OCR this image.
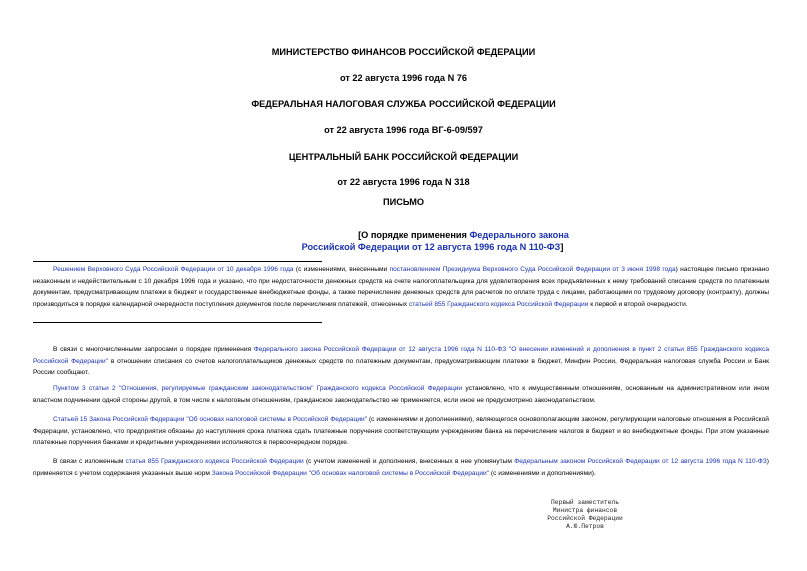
МИНИСТЕРСТВО ФИНАНСОВ РОССИЙСКОЙ ФЕДЕРАЦИИ
от 22 августа 1996 года N 76
ФЕДЕРАЛЬНАЯ НАЛОГОВАЯ СЛУЖБА РОССИЙСКОЙ ФЕДЕРАЦИИ
от 22 августа 1996 года ВГ-6-09/597
ЦЕНТРАЛЬНЫЙ БАНК РОССИЙСКОЙ ФЕДЕРАЦИИ
от 22 августа 1996 года N 318
ПИСЬМО
[О порядке применения Федерального закона
Российской Федерации от 12 августа 1996 года N 110-ФЗ]
Решением Верховного Суда Российской Федерации от 10 декабря 1996 года (с изменениями, внесенными постановлением Президиума Верховного Суда Российской Федерации от 3 июня 1998 года) настоящее письмо признано незаконным и недействительным с 10 декабря 1996 года и указано, что при недостаточности денежных средств на счете налогоплательщика для удовлетворения всех предъявленных к нему требований списание средств по платежным документам, предусматривающим платежи в бюджет и государственные внебюджетные фонды, а также перечисление денежных средств для расчетов по оплате труда с лицами, работающими по трудовому договору (контракту), должны производиться в порядке календарной очередности поступления документов после перечисления платежей, отнесенных статьей 855 Гражданского кодекса Российской Федерации к первой и второй очередности.
В связи с многочисленными запросами о порядке применения Федерального закона Российской Федерации от 12 августа 1996 года N 110-ФЗ "О внесении изменений и дополнения в пункт 2 статьи 855 Гражданского кодекса Российской Федерации" в отношении списания со счетов налогоплательщиков денежных средств по платежным документам, предусматривающим платежи в бюджет, Минфин России, Федеральная налоговая служба России и Банк России сообщают.
Пунктом 3 статьи 2 "Отношения, регулируемые гражданским законодательством" Гражданского кодекса Российской Федерации установлено, что к имущественным отношениям, основанным на административном или ином властном подчинении одной стороны другой, в том числе к налоговым отношениям, гражданское законодательство не применяется, если иное не предусмотрено законодательством.
Статьей 15 Закона Российской Федерации "Об основах налоговой системы в Российской Федерации" (с изменениями и дополнениями), являющегося основополагающим законом, регулирующим налоговые отношения в Российской Федерации, установлено, что предприятия обязаны до наступления срока платежа сдать платежные поручения соответствующим учреждениям банка на перечисление налогов в бюджет и во внебюджетные фонды. При этом указанные платежные поручения банками и кредитными учреждениями исполняются в первоочередном порядке.
В связи с изложенным статья 855 Гражданского кодекса Российской Федерации (с учетом изменений и дополнения, внесенных в нее упомянутым Федеральным законом Российской Федерации от 12 августа 1996 года N 110-ФЗ) применяется с учетом содержания указанных выше норм Закона Российской Федерации "Об основах налоговой системы в Российской Федерации" (с изменениями и дополнениями).
Первый заместитель
Министра финансов
Российской Федерации
А.Ю.Петров
